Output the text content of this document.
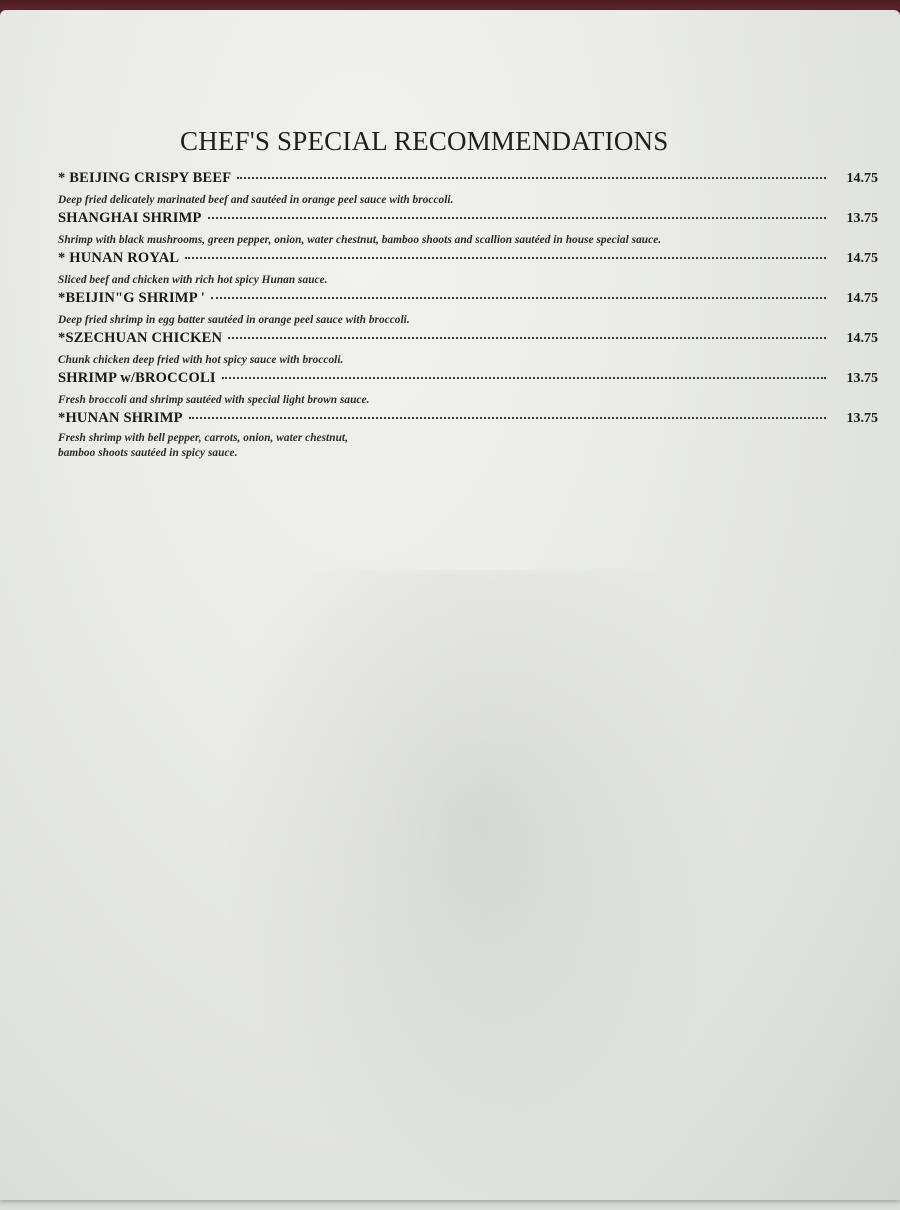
CHEF'S SPECIAL RECOMMENDATIONS
* BEIJING CRISPY BEEF	14.75
Deep fried delicately marinated beef and sautéed in orange peel sauce with broccoli.
SHANGHAI SHRIMP	13.75
Shrimp with black mushrooms, green pepper, onion, water chestnut, bamboo shoots and scallion sautéed in house special sauce.
* HUNAN ROYAL	14.75
Sliced beef and chicken with rich hot spicy Hunan sauce.
*BEIJIN"G SHRIMP '	14.75
Deep fried shrimp in egg batter sautéed in orange peel sauce with broccoli.
*SZECHUAN CHICKEN	14.75
Chunk chicken deep fried with hot spicy sauce with broccoli.
SHRIMP w/BROCCOLI	13.75
Fresh broccoli and shrimp sautéed with special light brown sauce.
*HUNAN SHRIMP	13.75
Fresh shrimp with bell pepper, carrots, onion, water chestnut, bamboo shoots sautéed in spicy sauce.
